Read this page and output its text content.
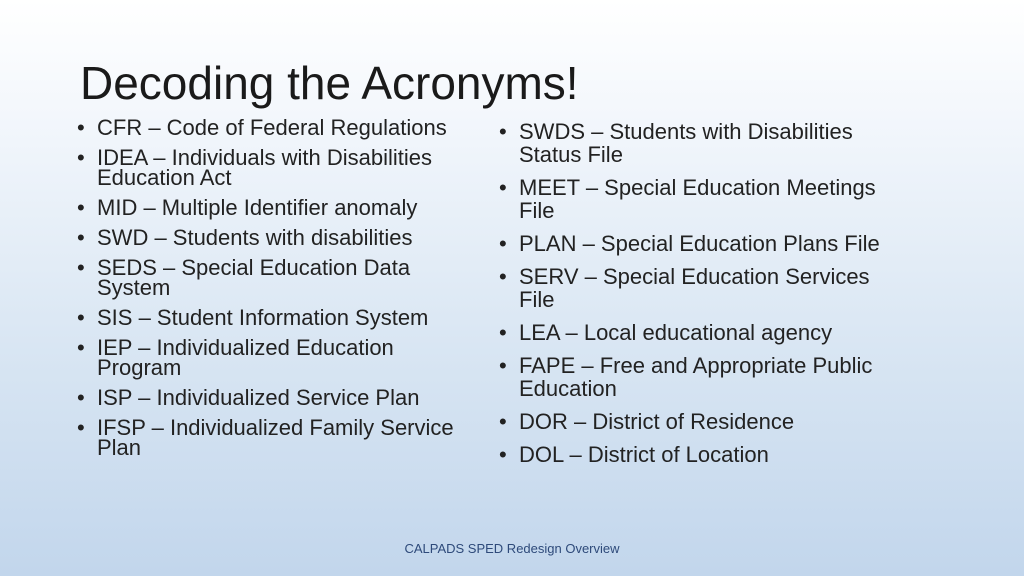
Decoding the Acronyms!
• CFR – Code of Federal Regulations
• IDEA – Individuals with Disabilities Education Act
• MID – Multiple Identifier anomaly
• SWD – Students with disabilities
• SEDS – Special Education Data System
• SIS – Student Information System
• IEP – Individualized Education Program
• ISP – Individualized Service Plan
• IFSP – Individualized Family Service Plan
• SWDS – Students with Disabilities Status File
• MEET – Special Education Meetings File
• PLAN – Special Education Plans File
• SERV – Special Education Services File
• LEA – Local educational agency
• FAPE – Free and Appropriate Public Education
• DOR – District of Residence
• DOL – District of Location
CALPADS SPED Redesign Overview
